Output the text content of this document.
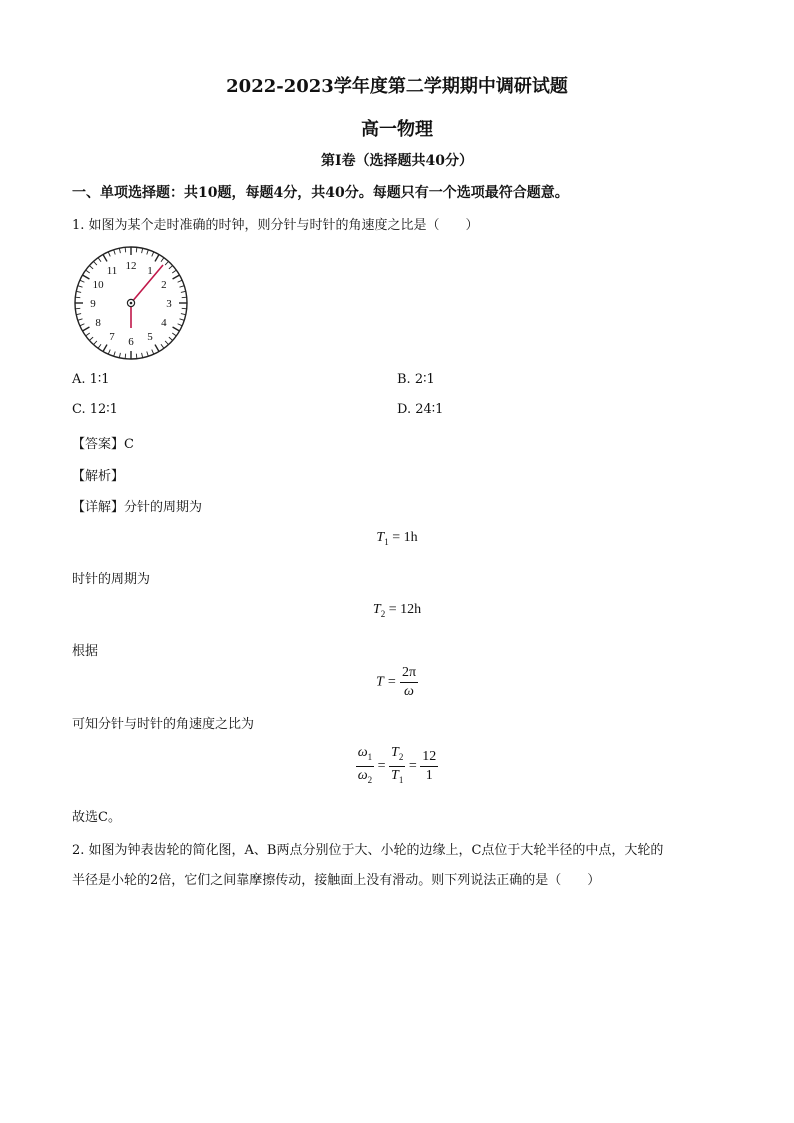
2022-2023学年度第二学期期中调研试题
高一物理
第Ⅰ卷（选择题共40分）
一、单项选择题：共10题，每题4分，共40分。每题只有一个选项最符合题意。
1. 如图为某个走时准确的时钟，则分针与时针的角速度之比是（　　）
12 1
2
3
4
5
6
7
8
9
10
11
A. 1∶1	B. 2∶1
C. 12∶1	D. 24∶1
【答案】C
【解析】
【详解】分针的周期为
$T_1 = 1h$
时针的周期为
$T_2 = 12h$
根据
$T = \frac{2\pi}{\omega}$
可知分针与时针的角速度之比为
$\frac{\omega_1}{\omega_2} = \frac{T_2}{T_1} = \frac{12}{1}$
故选C。
2. 如图为钟表齿轮的简化图，A、B两点分别位于大、小轮的边缘上，C点位于大轮半径的中点，大轮的
半径是小轮的2倍，它们之间靠摩擦传动，接触面上没有滑动。则下列说法正确的是（　　）
